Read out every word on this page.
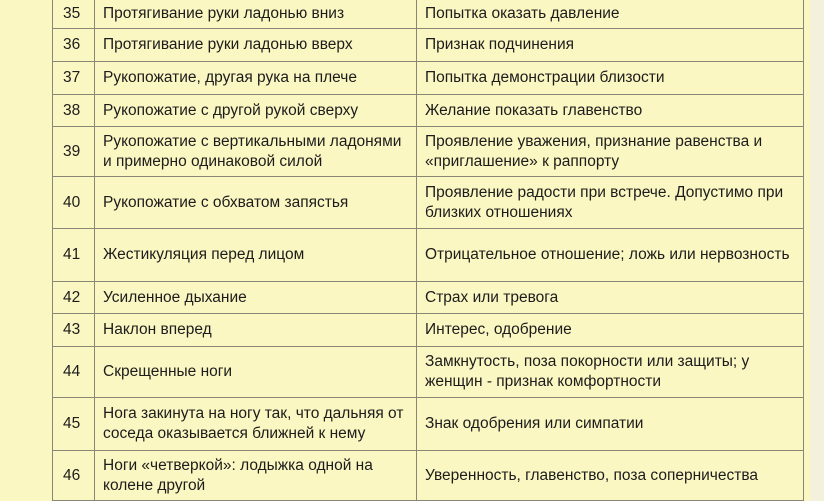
35	Протягивание руки ладонью вниз	Попытка оказать давление
36	Протягивание руки ладонью вверх	Признак подчинения
37	Рукопожатие, другая рука на плече	Попытка демонстрации близости
38	Рукопожатие с другой рукой сверху	Желание показать главенство
39	Рукопожатие с вертикальными ладонями и примерно одинаковой силой	Проявление уважения, признание равенства и «приглашение» к раппорту
40	Рукопожатие с обхватом запястья	Проявление радости при встрече. Допустимо при близких отношениях
41	Жестикуляция перед лицом	Отрицательное отношение; ложь или нервозность
42	Усиленное дыхание	Страх или тревога
43	Наклон вперед	Интерес, одобрение
44	Скрещенные ноги	Замкнутость, поза покорности или защиты; у женщин - признак комфортности
45	Нога закинута на ногу так, что дальняя от соседа оказывается ближней к нему	Знак одобрения или симпатии
46	Ноги «четверкой»: лодыжка одной на колене другой	Уверенность, главенство, поза соперничества
